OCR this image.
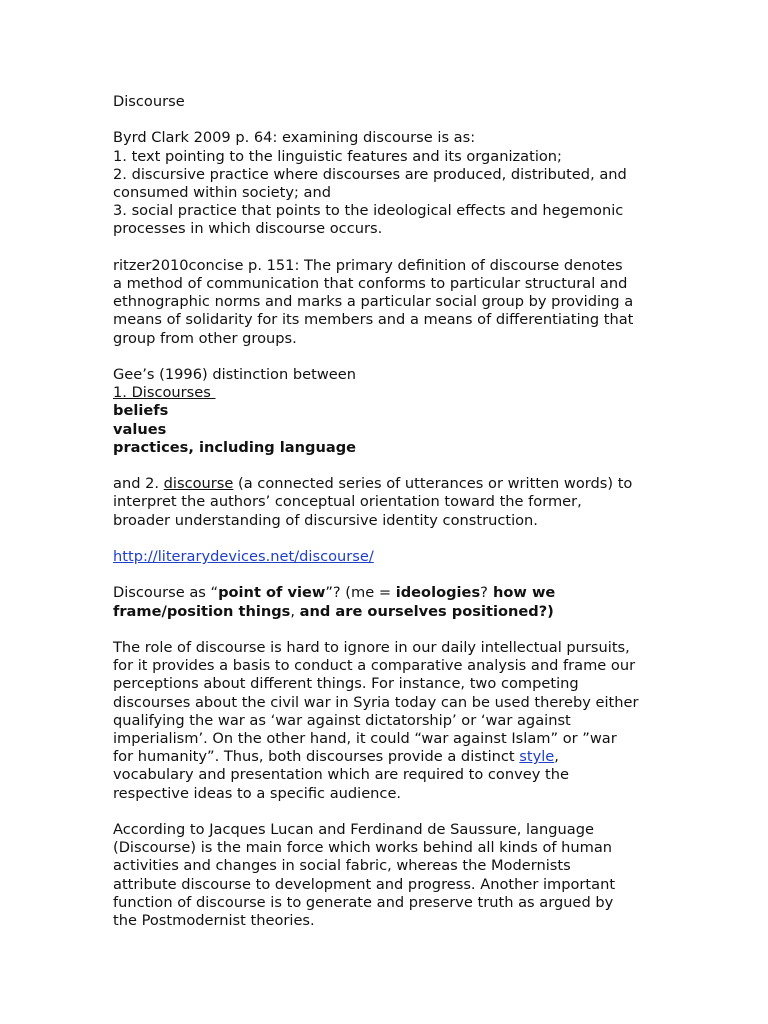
Discourse
Byrd Clark 2009 p. 64: examining discourse is as:
1. text pointing to the linguistic features and its organization;
2. discursive practice where discourses are produced, distributed, and
consumed within society; and
3. social practice that points to the ideological effects and hegemonic
processes in which discourse occurs.
ritzer2010concise p. 151: The primary definition of discourse denotes
a method of communication that conforms to particular structural and
ethnographic norms and marks a particular social group by providing a
means of solidarity for its members and a means of differentiating that
group from other groups.
Gee’s (1996) distinction between
1. Discourses
beliefs
values
practices, including language
and 2. discourse (a connected series of utterances or written words) to
interpret the authors’ conceptual orientation toward the former,
broader understanding of discursive identity construction.
http://literarydevices.net/discourse/
Discourse as “point of view”? (me = ideologies? how we
frame/position things, and are ourselves positioned?)
The role of discourse is hard to ignore in our daily intellectual pursuits,
for it provides a basis to conduct a comparative analysis and frame our
perceptions about different things. For instance, two competing
discourses about the civil war in Syria today can be used thereby either
qualifying the war as ‘war against dictatorship’ or ‘war against
imperialism’. On the other hand, it could “war against Islam” or ”war
for humanity”. Thus, both discourses provide a distinct style,
vocabulary and presentation which are required to convey the
respective ideas to a specific audience.
According to Jacques Lucan and Ferdinand de Saussure, language
(Discourse) is the main force which works behind all kinds of human
activities and changes in social fabric, whereas the Modernists
attribute discourse to development and progress. Another important
function of discourse is to generate and preserve truth as argued by
the Postmodernist theories.
